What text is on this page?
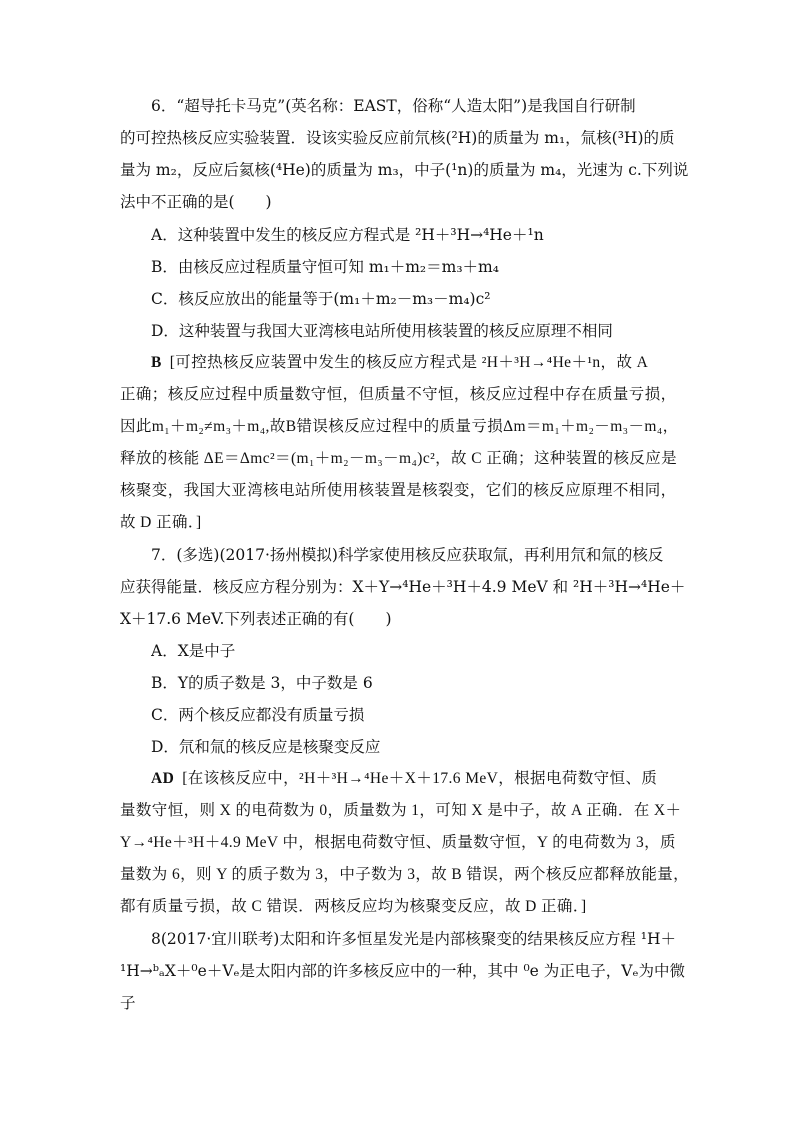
6．“超导托卡马克”(英名称：EAST，俗称“人造太阳”)是我国自行研制
的可控热核反应实验装置．设该实验反应前氘核(²H)的质量为 m₁，氚核(³H)的质
量为 m₂，反应后氦核(⁴He)的质量为 m₃，中子(¹n)的质量为 m₄，光速为 c.下列说
法中不正确的是(　　)
A．这种装置中发生的核反应方程式是 ²H＋³H→⁴He＋¹n
B．由核反应过程质量守恒可知 m₁＋m₂＝m₃＋m₄
C．核反应放出的能量等于(m₁＋m₂－m₃－m₄)c²
D．这种装置与我国大亚湾核电站所使用核装置的核反应原理不相同
B [可控热核反应装置中发生的核反应方程式是 ²H＋³H→⁴He＋¹n，故 A
正确；核反应过程中质量数守恒，但质量不守恒，核反应过程中存在质量亏损，
因此m₁＋m₂≠m₃＋m₄,故B错误核反应过程中的质量亏损Δm＝m₁＋m₂－m₃－m₄，
释放的核能 ΔE＝Δmc²＝(m₁＋m₂－m₃－m₄)c²，故 C 正确；这种装置的核反应是
核聚变，我国大亚湾核电站所使用核装置是核裂变，它们的核反应原理不相同，
故 D 正确．]
7．(多选)(2017·扬州模拟)科学家使用核反应获取氚，再利用氘和氚的核反
应获得能量．核反应方程分别为：X＋Y→⁴He＋³H＋4.9 MeV 和 ²H＋³H→⁴He＋
X＋17.6 MeV.下列表述正确的有(　　)
A．X是中子
B．Y的质子数是 3，中子数是 6
C．两个核反应都没有质量亏损
D．氘和氚的核反应是核聚变反应
AD [在该核反应中，²H＋³H→⁴He＋X＋17.6 MeV，根据电荷数守恒、质
量数守恒，则 X 的电荷数为 0，质量数为 1，可知 X 是中子，故 A 正确．在 X＋
Y→⁴He＋³H＋4.9 MeV 中，根据电荷数守恒、质量数守恒，Y 的电荷数为 3，质
量数为 6，则 Y 的质子数为 3，中子数为 3，故 B 错误，两个核反应都释放能量，
都有质量亏损，故 C 错误．两核反应均为核聚变反应，故 D 正确．]
8(2017·宜川联考)太阳和许多恒星发光是内部核聚变的结果核反应方程 ¹H＋
¹H→ᵇₐX＋⁰e＋Vₑ是太阳内部的许多核反应中的一种，其中 ⁰e 为正电子，Vₑ为中微
子
